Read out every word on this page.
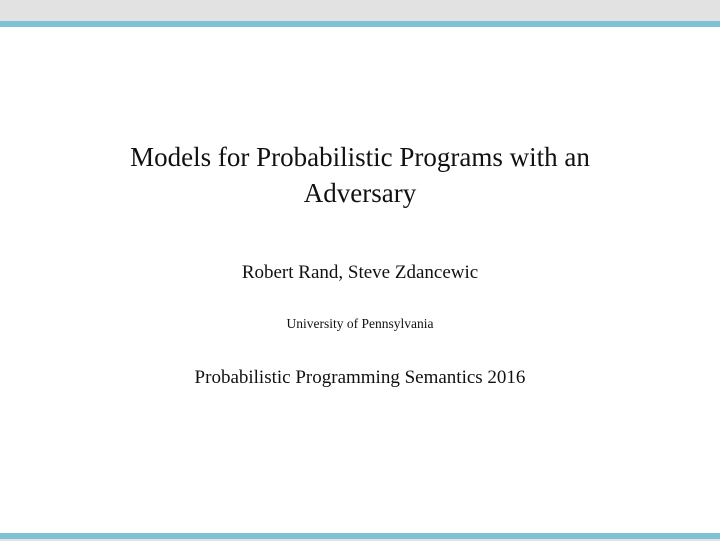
Models for Probabilistic Programs with an
Adversary
Robert Rand, Steve Zdancewic
University of Pennsylvania
Probabilistic Programming Semantics 2016
